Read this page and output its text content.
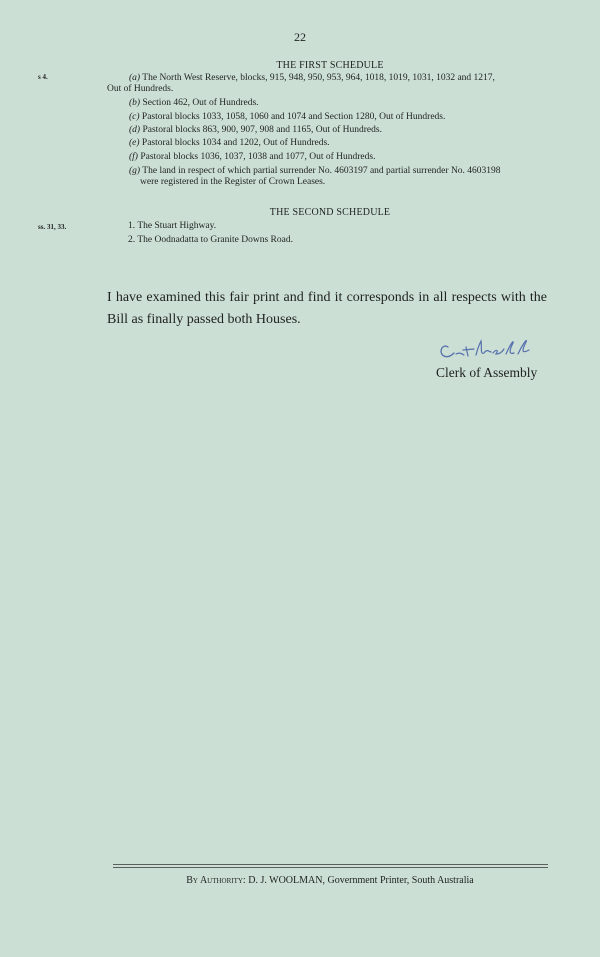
22
THE FIRST SCHEDULE
s 4.	(a) The North West Reserve, blocks, 915, 948, 950, 953, 964, 1018, 1019, 1031, 1032 and 1217,
Out of Hundreds.
(b) Section 462, Out of Hundreds.
(c) Pastoral blocks 1033, 1058, 1060 and 1074 and Section 1280, Out of Hundreds.
(d) Pastoral blocks 863, 900, 907, 908 and 1165, Out of Hundreds.
(e) Pastoral blocks 1034 and 1202, Out of Hundreds.
(f) Pastoral blocks 1036, 1037, 1038 and 1077, Out of Hundreds.
(g) The land in respect of which partial surrender No. 4603197 and partial surrender No. 4603198
were registered in the Register of Crown Leases.
THE SECOND SCHEDULE
ss. 31, 33.	1. The Stuart Highway.
2. The Oodnadatta to Granite Downs Road.
I have examined this fair print and find it corresponds in all respects with the Bill as finally passed both Houses.
Clerk of Assembly
By Authority: D. J. WOOLMAN, Government Printer, South Australia
